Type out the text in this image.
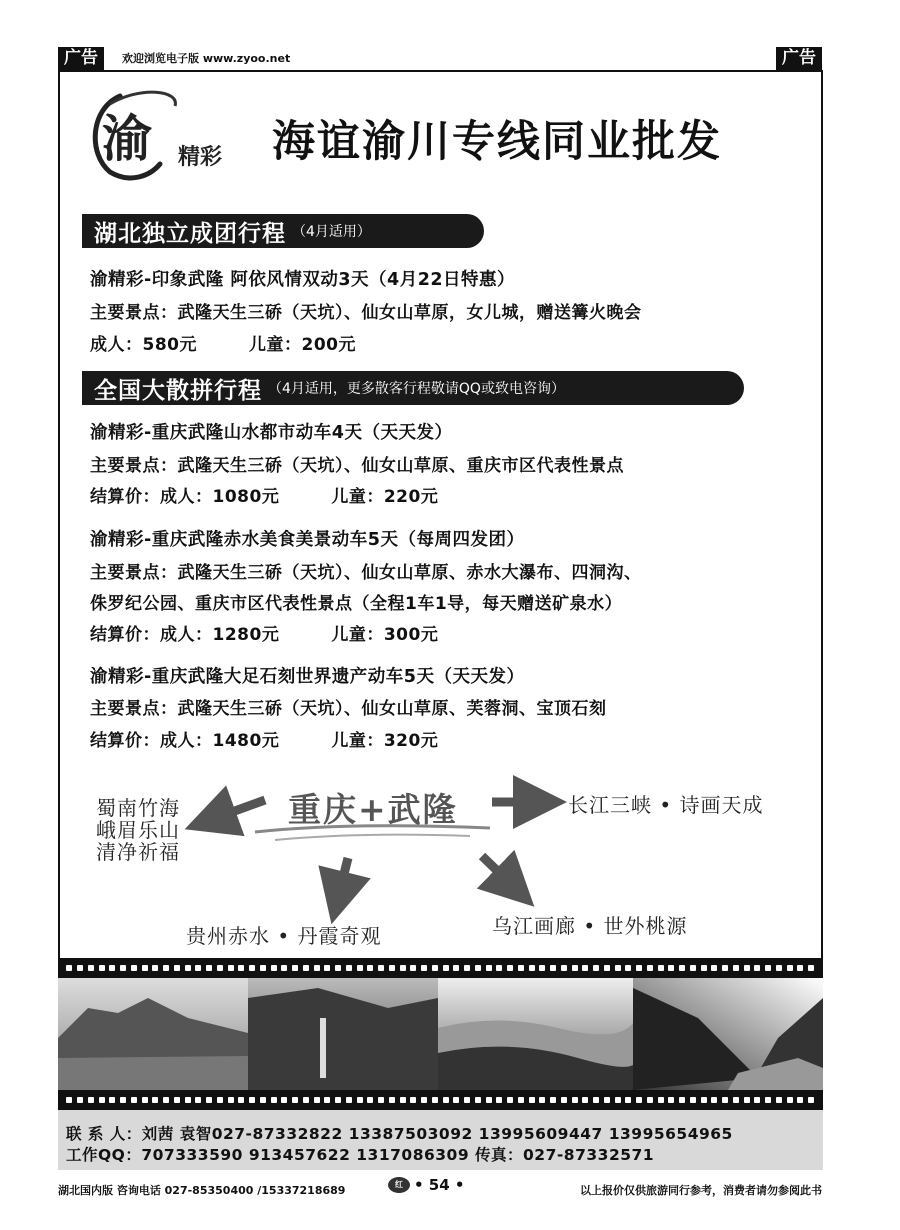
广告	欢迎浏览电子版 www.zyoo.net	广告
渝 精彩 海谊渝川专线同业批发
湖北独立成团行程 （4月适用）
渝精彩-印象武隆 阿依风情双动3天（4月22日特惠）
主要景点：武隆天生三硚（天坑）、仙女山草原，女儿城，赠送篝火晚会
成人：580元	儿童：200元
全国大散拼行程 （4月适用，更多散客行程敬请QQ或致电咨询）
渝精彩-重庆武隆山水都市动车4天（天天发）
主要景点：武隆天生三硚（天坑）、仙女山草原、重庆市区代表性景点
结算价：成人：1080元	儿童：220元
渝精彩-重庆武隆赤水美食美景动车5天（每周四发团）
主要景点：武隆天生三硚（天坑）、仙女山草原、赤水大瀑布、四洞沟、
侏罗纪公园、重庆市区代表性景点（全程1车1导，每天赠送矿泉水）
结算价：成人：1280元	儿童：300元
渝精彩-重庆武隆大足石刻世界遗产动车5天（天天发）
主要景点：武隆天生三硚（天坑）、仙女山草原、芙蓉洞、宝顶石刻
结算价：成人：1480元	儿童：320元
重庆+武隆
蜀南竹海
峨眉乐山
清净祈福
长江三峡 • 诗画天成
贵州赤水 • 丹霞奇观	乌江画廊 • 世外桃源
联 系 人：刘茜 袁智027-87332822 13387503092 13995609447 13995654965
工作QQ：707333590 913457622 1317086309 传真：027-87332571
湖北国内版 咨询电话 027-85350400 /15337218689	红 • 54 •	以上报价仅供旅游同行参考，消费者请勿参阅此书
